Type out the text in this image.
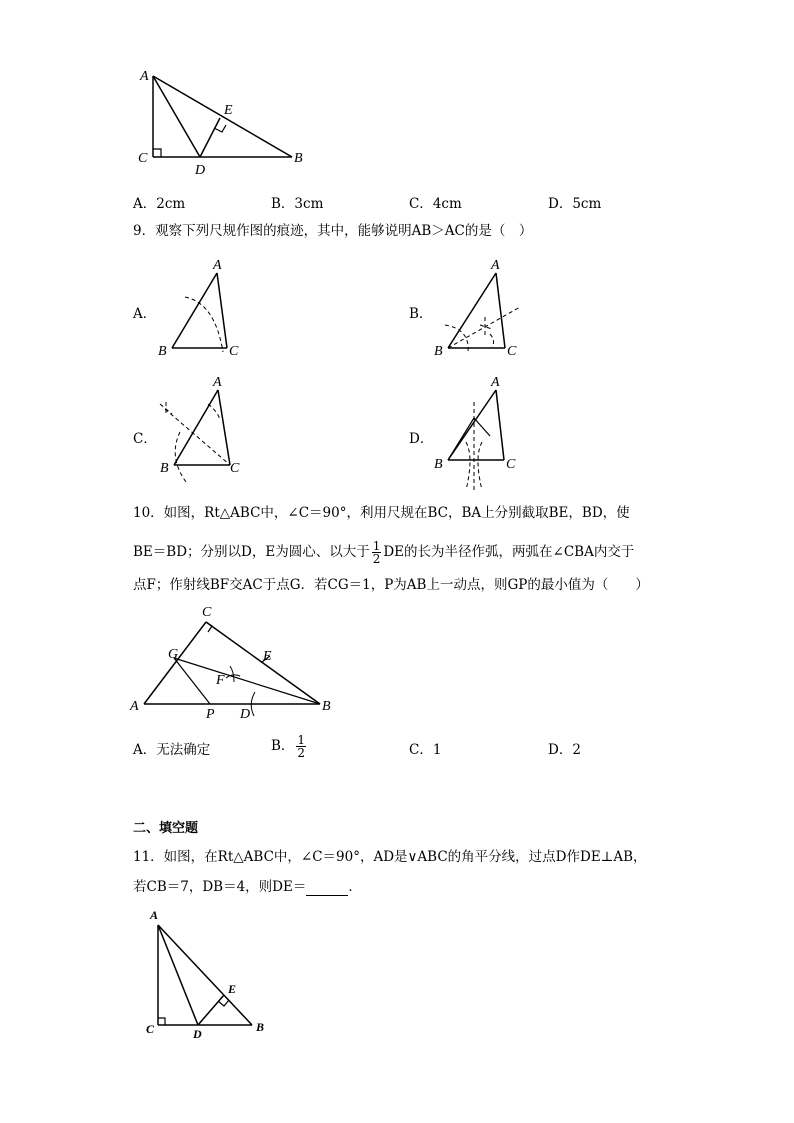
A
C
D
E
B
A．2cm	B．3cm	C．4cm	D．5cm
9．观察下列尺规作图的痕迹，其中，能够说明AB＞AC的是（　）
A．
A
B	C
B．
A
B	C
C．
A
B	C
D．
A
B	C
10．如图，Rt△ABC中，∠C＝90°，利用尺规在BC，BA上分别截取BE，BD，使
BE＝BD；分别以D，E为圆心、以大于 $\frac{1}{2}$ DE的长为半径作弧，两弧在∠CBA内交于
点F；作射线BF交AC于点G．若CG＝1，P为AB上一动点，则GP的最小值为（　　）
C
G	E
F
A
P D
B
A．无法确定	B． $\frac{1}{2}$	C．1	D．2
二、填空题
11．如图，在Rt△ABC中，∠C＝90°，AD是∨ABC的角平分线，过点D作DE⊥AB，
若CB＝7，DB＝4，则DE＝	．
A
C	D
E
B
